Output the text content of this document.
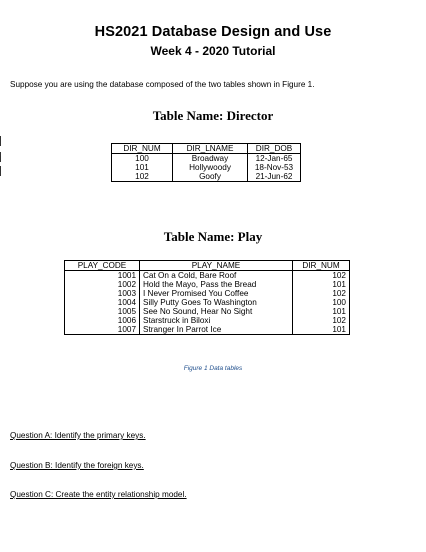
HS2021 Database Design and Use
Week 4 - 2020 Tutorial
Suppose you are using the database composed of the two tables shown in Figure 1.
Table Name: Director
DIR_NUM	DIR_LNAME	DIR_DOB
100	Broadway	12-Jan-65
101	Hollywoody	18-Nov-53
102	Goofy	21-Jun-62
Table Name: Play
PLAY_CODE	PLAY_NAME	DIR_NUM
1001	Cat On a Cold, Bare Roof	102
1002	Hold the Mayo, Pass the Bread	101
1003	I Never Promised You Coffee	102
1004	Silly Putty Goes To Washington	100
1005	See No Sound, Hear No Sight	101
1006	Starstruck in Biloxi	102
1007	Stranger In Parrot Ice	101
Figure 1 Data tables
Question A: Identify the primary keys.
Question B: Identify the foreign keys.
Question C: Create the entity relationship model.
